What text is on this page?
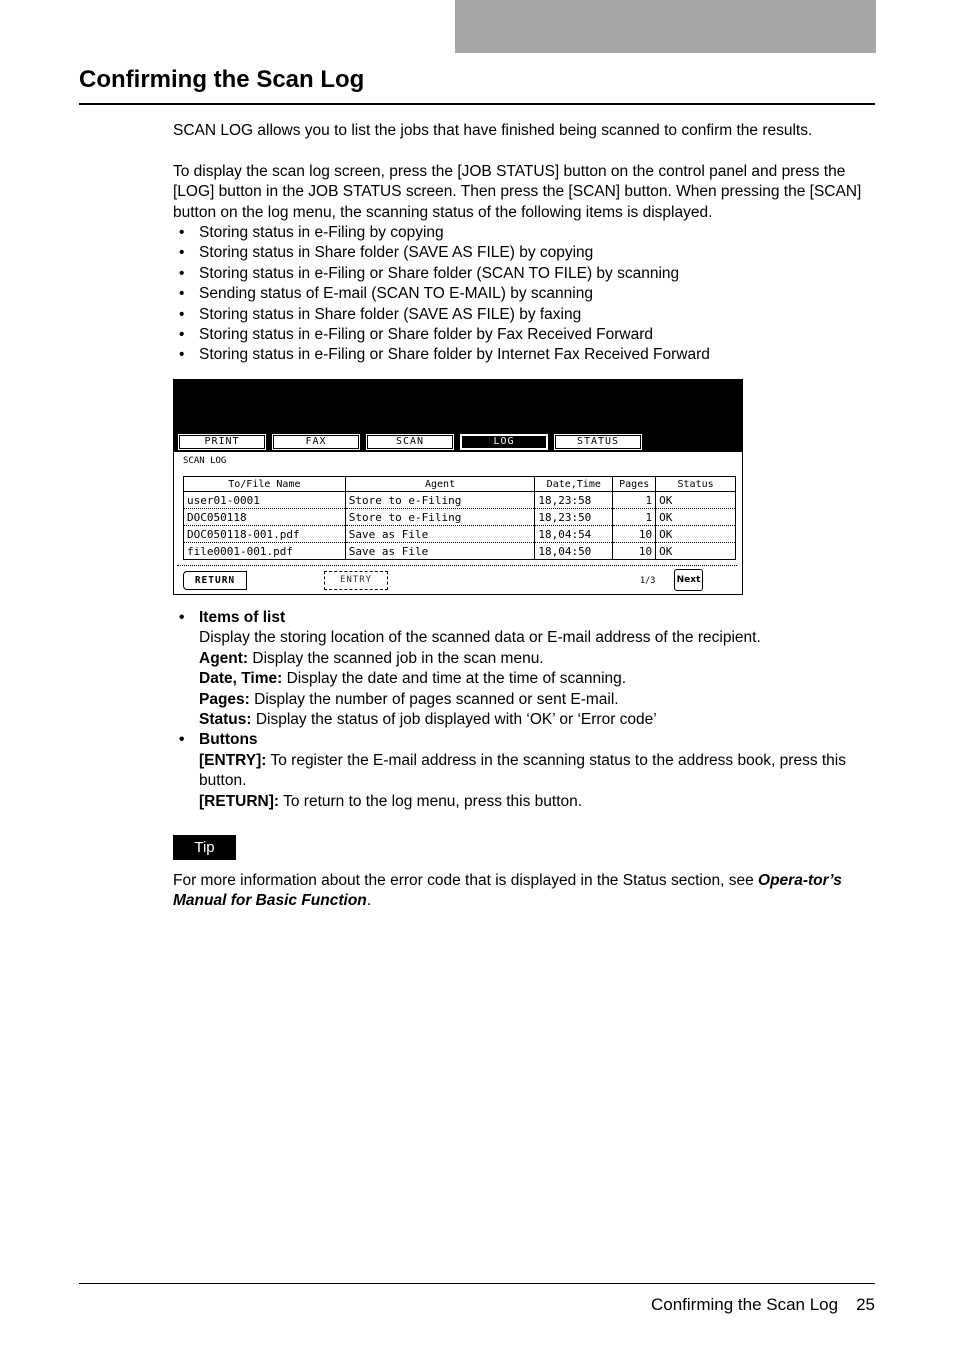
Confirming the Scan Log

SCAN LOG allows you to list the jobs that have finished being scanned to confirm the results.

To display the scan log screen, press the [JOB STATUS] button on the control panel and press the [LOG] button in the JOB STATUS screen. Then press the [SCAN] button. When pressing the [SCAN] button on the log menu, the scanning status of the following items is displayed.

• Storing status in e-Filing by copying
• Storing status in Share folder (SAVE AS FILE) by copying
• Storing status in e-Filing or Share folder (SCAN TO FILE) by scanning
• Sending status of E-mail (SCAN TO E-MAIL) by scanning
• Storing status in Share folder (SAVE AS FILE) by faxing
• Storing status in e-Filing or Share folder by Fax Received Forward
• Storing status in e-Filing or Share folder by Internet Fax Received Forward
PRINT	FAX	SCAN	LOG	STATUS
SCAN LOG
To/File Name	Agent	Date,Time	Pages	Status
user01-0001	Store to e-Filing	18,23:58	1	OK
DOC050118	Store to e-Filing	18,23:50	1	OK
DOC050118-001.pdf	Save as File	18,04:54	10	OK
file0001-001.pdf	Save as File	18,04:50	10	OK
RETURN	ENTRY	1/3 Next
• Items of list
Display the storing location of the scanned data or E-mail address of the recipient.
Agent: Display the scanned job in the scan menu.
Date, Time: Display the date and time at the time of scanning.
Pages: Display the number of pages scanned or sent E-mail.
Status: Display the status of job displayed with ‘OK’ or ‘Error code’
• Buttons
[ENTRY]: To register the E-mail address in the scanning status to the address book, press this button.
[RETURN]: To return to the log menu, press this button.
Tip

For more information about the error code that is displayed in the Status section, see Opera-tor’s Manual for Basic Function.

Confirming the Scan Log 25
